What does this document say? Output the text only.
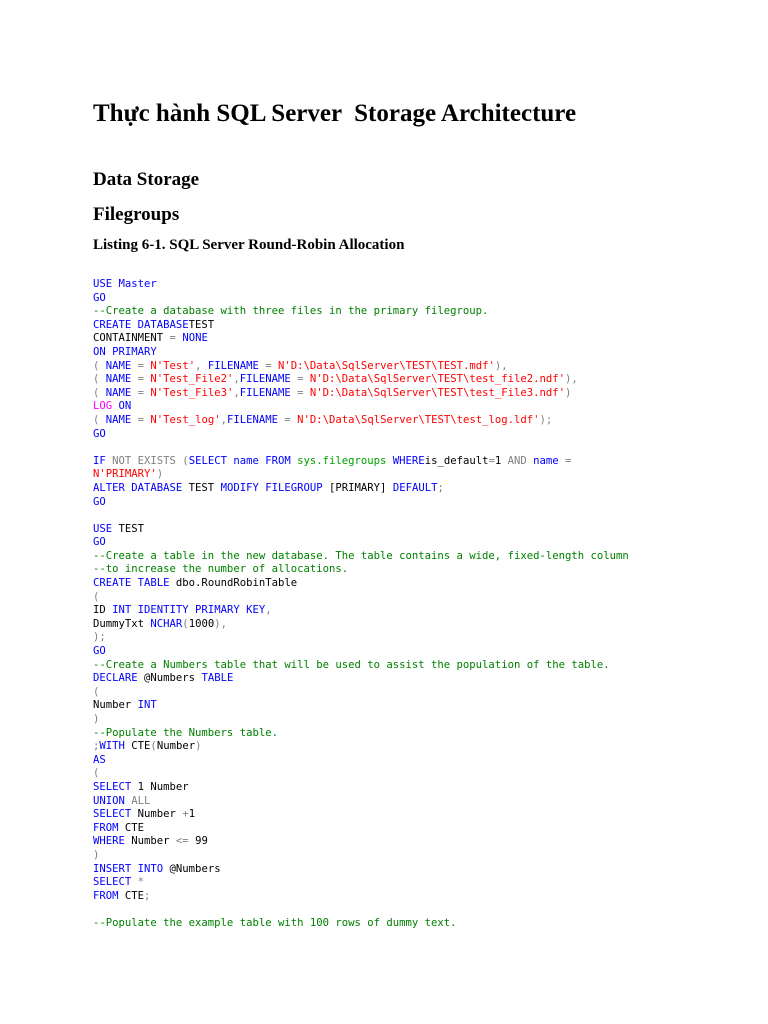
Thực hành SQL Server  Storage Architecture
Data Storage
Filegroups
Listing 6-1. SQL Server Round-Robin Allocation
USE Master
GO
--Create a database with three files in the primary filegroup.
CREATE DATABASETEST
CONTAINMENT = NONE
ON PRIMARY
( NAME = N'Test', FILENAME = N'D:\Data\SqlServer\TEST\TEST.mdf'),
( NAME = N'Test_File2',FILENAME = N'D:\Data\SqlServer\TEST\test_file2.ndf'),
( NAME = N'Test_File3',FILENAME = N'D:\Data\SqlServer\TEST\test_File3.ndf')
LOG ON
( NAME = N'Test_log',FILENAME = N'D:\Data\SqlServer\TEST\test_log.ldf');
GO

IF NOT EXISTS (SELECT name FROM sys.filegroups WHEREis_default=1 AND name =
N'PRIMARY')
ALTER DATABASE TEST MODIFY FILEGROUP [PRIMARY] DEFAULT;
GO

USE TEST
GO
--Create a table in the new database. The table contains a wide, fixed-length column
--to increase the number of allocations.
CREATE TABLE dbo.RoundRobinTable
(
ID INT IDENTITY PRIMARY KEY,
DummyTxt NCHAR(1000),
);
GO
--Create a Numbers table that will be used to assist the population of the table.
DECLARE @Numbers TABLE
(
Number INT
)
--Populate the Numbers table.
;WITH CTE(Number)
AS
(
SELECT 1 Number
UNION ALL
SELECT Number +1
FROM CTE
WHERE Number <= 99
)
INSERT INTO @Numbers
SELECT *
FROM CTE;

--Populate the example table with 100 rows of dummy text.
